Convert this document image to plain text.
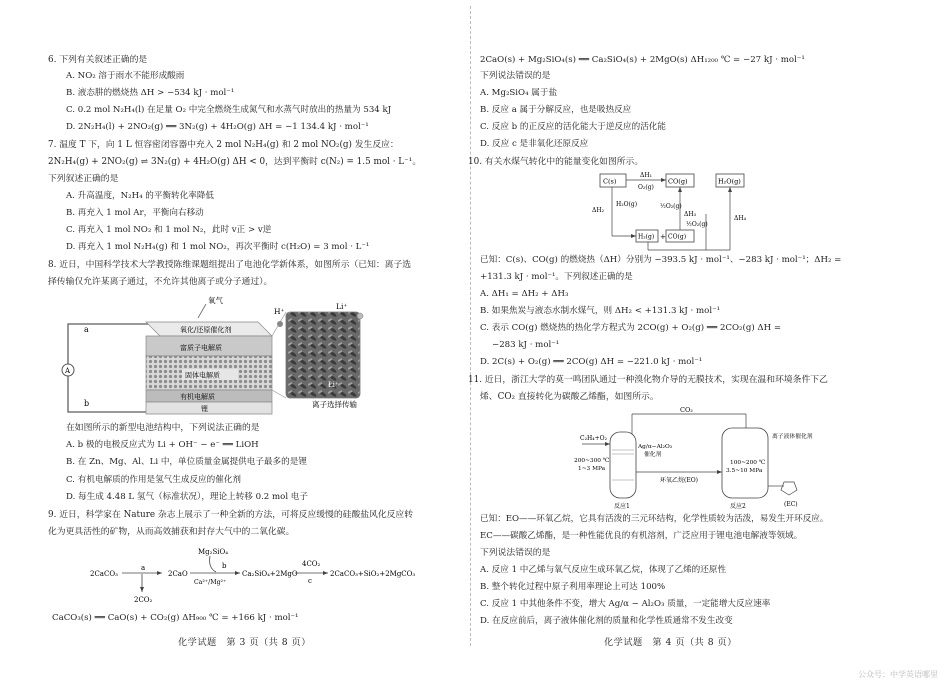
6. 下列有关叙述正确的是
A. NO₂ 溶于雨水不能形成酸雨
B. 液态肼的燃烧热 ΔH > −534 kJ · mol⁻¹
C. 0.2 mol N₂H₄(l) 在足量 O₂ 中完全燃烧生成氮气和水蒸气时放出的热量为 534 kJ
D. 2N₂H₄(l) + 2NO₂(g) ══ 3N₂(g) + 4H₂O(g) ΔH = −1 134.4 kJ · mol⁻¹
7. 温度 T 下，向 1 L 恒容密闭容器中充入 2 mol N₂H₄(g) 和 2 mol NO₂(g) 发生反应：
2N₂H₄(g) + 2NO₂(g) ⇌ 3N₂(g) + 4H₂O(g) ΔH < 0，达到平衡时 c(N₂) = 1.5 mol · L⁻¹。
下列叙述正确的是
A. 升高温度，N₂H₄ 的平衡转化率降低
B. 再充入 1 mol Ar，平衡向右移动
C. 再充入 1 mol NO₂ 和 1 mol N₂，此时 v正 > v逆
D. 再充入 1 mol N₂H₄(g) 和 1 mol NO₂，再次平衡时 c(H₂O) = 3 mol · L⁻¹
8. 近日，中国科学技术大学教授陈维课题组提出了电池化学新体系，如图所示（已知：离子选
择传输仅允许某离子通过，不允许其他离子或分子通过）。
A
a
b
氧气
氧化/还原催化剂
富质子电解质
固体电解质
有机电解质
锂
H⁺
Li⁺
Li⁺
离子选择传输
在如图所示的新型电池结构中，下列说法正确的是
A. b 极的电极反应式为 Li + OH⁻ − e⁻ ══ LiOH
B. 在 Zn、Mg、Al、Li 中，单位质量金属提供电子最多的是锂
C. 有机电解质的作用是氢气生成反应的催化剂
D. 每生成 4.48 L 氢气（标准状况），理论上转移 0.2 mol 电子
9. 近日，科学家在 Nature 杂志上展示了一种全新的方法，可将反应缓慢的硅酸盐风化反应转
化为更具活性的矿物，从而高效捕获和封存大气中的二氧化碳。
2CaCO₃
a
2CO₂
2CaO
Mg₂SiO₄
b
Ca²⁺/Mg²⁺
Ca₂SiO₄+2MgO
4CO₂
c
2CaCO₃+SiO₂+2MgCO₃
CaCO₃(s) ══ CaO(s) + CO₂(g) ΔH₉₀₀ ℃ = +166 kJ · mol⁻¹
化学试题　第 3 页（共 8 页）
2CaO(s) + Mg₂SiO₄(s) ══ Ca₂SiO₄(s) + 2MgO(s) ΔH₁₂₀₀ ℃ = −27 kJ · mol⁻¹
下列说法错误的是
A. Mg₂SiO₄ 属于盐
B. 反应 a 属于分解反应，也是吸热反应
C. 反应 b 的正反应的活化能大于逆反应的活化能
D. 反应 c 是非氧化还原反应
10. 有关水煤气转化中的能量变化如图所示。
C(s)	CO(g)	H₂O(g)
ΔH₁
O₂(g)
ΔH₂
H₂O(g)
H₂(g) + CO(g)
½O₂(g)
½O₂(g)
ΔH₃
ΔH₄
已知：C(s)、CO(g) 的燃烧热（ΔH）分别为 −393.5 kJ · mol⁻¹、−283 kJ · mol⁻¹；ΔH₂ =
+131.3 kJ · mol⁻¹。下列叙述正确的是
A. ΔH₁ = ΔH₂ + ΔH₃
B. 如果焦炭与液态水制水煤气，则 ΔH₂ < +131.3 kJ · mol⁻¹
C. 表示 CO(g) 燃烧热的热化学方程式为 2CO(g) + O₂(g) ══ 2CO₂(g) ΔH =
−283 kJ · mol⁻¹
D. 2C(s) + O₂(g) ══ 2CO(g) ΔH = −221.0 kJ · mol⁻¹
11. 近日，浙江大学的莫一鸣团队通过一种溴化物介导的无膜技术，实现在温和环境条件下乙
烯、CO₂ 直接转化为碳酸乙烯酯，如图所示。
CO₂
C₂H₄+O₂
Ag/α−Al₂O₃
催化剂
200~300 ℃
1~3 MPa
反应1
环氧乙烷(EO)
离子液体催化剂
100~200 ℃
3.5~10 MPa
反应2	(EC)
已知：EO——环氧乙烷，它具有活泼的三元环结构，化学性质较为活泼，易发生开环反应。
EC——碳酸乙烯酯，是一种性能优良的有机溶剂，广泛应用于锂电池电解液等领域。
下列说法错误的是
A. 反应 1 中乙烯与氧气反应生成环氧乙烷，体现了乙烯的还原性
B. 整个转化过程中原子利用率理论上可达 100%
C. 反应 1 中其他条件不变，增大 Ag/α − Al₂O₃ 质量，一定能增大反应速率
D. 在反应前后，离子液体催化剂的质量和化学性质通常不发生改变
化学试题　第 4 页（共 8 页）
公众号：中学英语哪里
